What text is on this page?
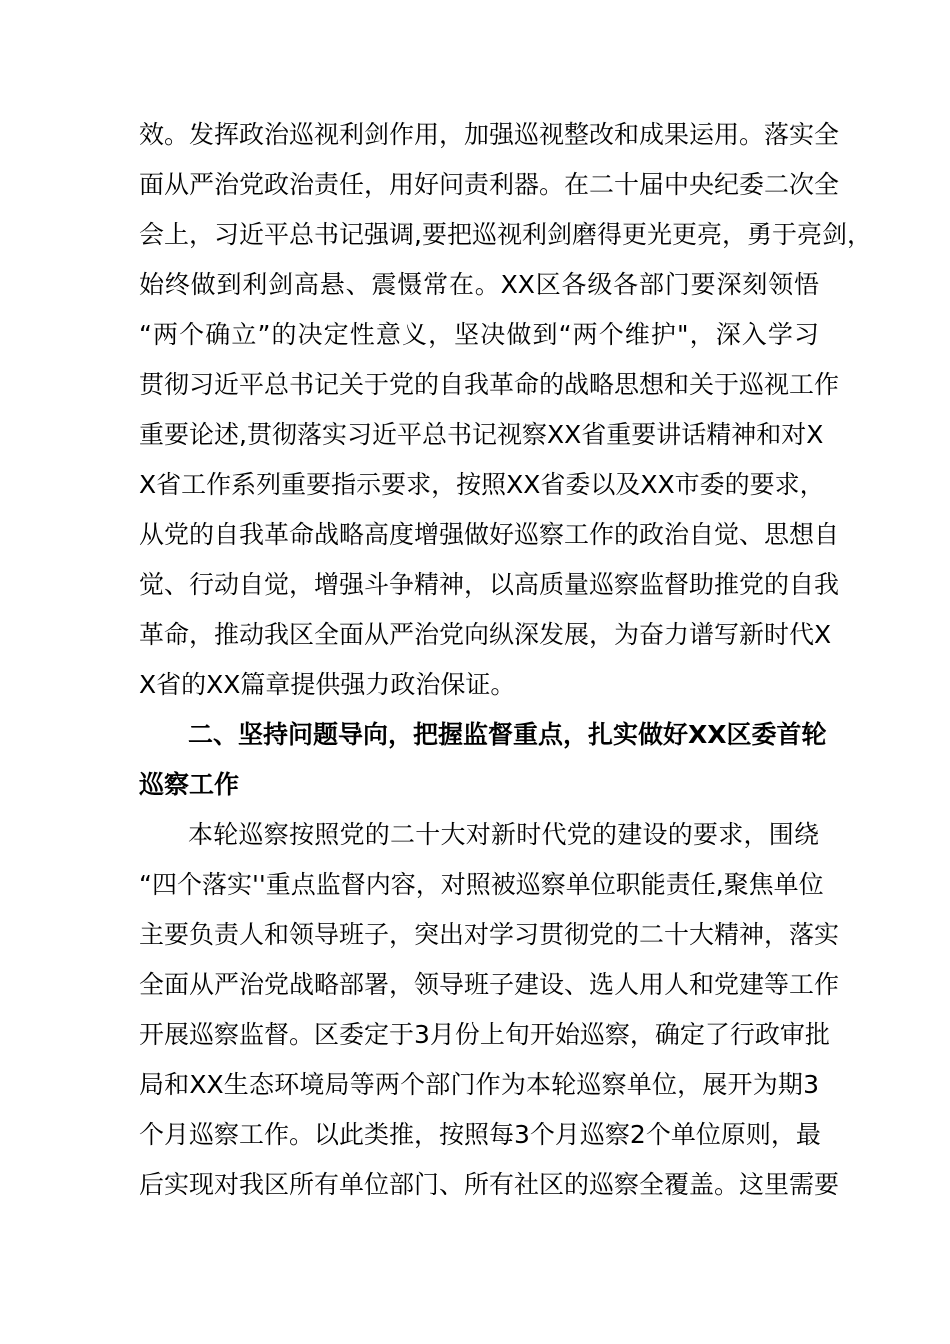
效。发挥政治巡视利剑作用，加强巡视整改和成果运用。落实全
面从严治党政治责任，用好问责利器。在二十届中央纪委二次全
会上，习近平总书记强调,要把巡视利剑磨得更光更亮，勇于亮剑，
始终做到利剑高悬、震慑常在。XX区各级各部门要深刻领悟
“两个确立”的决定性意义，坚决做到“两个维护"，深入学习
贯彻习近平总书记关于党的自我革命的战略思想和关于巡视工作
重要论述,贯彻落实习近平总书记视察XX省重要讲话精神和对X
X省工作系列重要指示要求，按照XX省委以及XX市委的要求，
从党的自我革命战略高度增强做好巡察工作的政治自觉、思想自
觉、行动自觉，增强斗争精神，以高质量巡察监督助推党的自我
革命，推动我区全面从严治党向纵深发展，为奋力谱写新时代X
X省的XX篇章提供强力政治保证。
二、坚持问题导向，把握监督重点，扎实做好XX区委首轮
巡察工作
本轮巡察按照党的二十大对新时代党的建设的要求，围绕
“四个落实''重点监督内容，对照被巡察单位职能责任,聚焦单位
主要负责人和领导班子，突出对学习贯彻党的二十大精神，落实
全面从严治党战略部署，领导班子建设、选人用人和党建等工作
开展巡察监督。区委定于3月份上旬开始巡察，确定了行政审批
局和XX生态环境局等两个部门作为本轮巡察单位，展开为期3
个月巡察工作。以此类推，按照每3个月巡察2个单位原则，最
后实现对我区所有单位部门、所有社区的巡察全覆盖。这里需要
